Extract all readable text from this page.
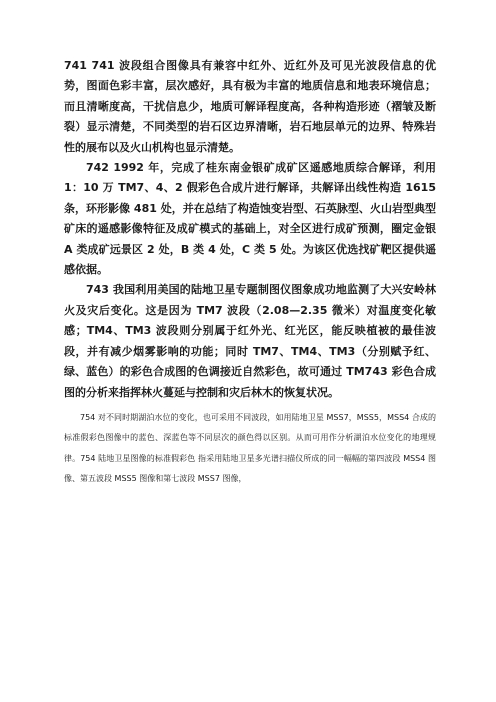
741 741 波段组合图像具有兼容中红外、近红外及可见光波段信息的优势，图面色彩丰富，层次感好，具有极为丰富的地质信息和地表环境信息；而且清晰度高，干扰信息少，地质可解译程度高，各种构造形迹（褶皱及断裂）显示清楚，不同类型的岩石区边界清晰，岩石地层单元的边界、特殊岩性的展布以及火山机构也显示清楚。

742 1992 年，完成了桂东南金银矿成矿区遥感地质综合解译，利用 1：10 万 TM7、4、2 假彩色合成片进行解译，共解译出线性构造 1615 条，环形影像 481 处，并在总结了构造蚀变岩型、石英脉型、火山岩型典型矿床的遥感影像特征及成矿模式的基础上，对全区进行成矿预测，圈定金银 A 类成矿远景区 2 处，B 类 4 处，C 类 5 处。为该区优选找矿靶区提供遥感依据。

743 我国利用美国的陆地卫星专题制图仪图象成功地监测了大兴安岭林火及灾后变化。这是因为 TM7 波段（2.08—2.35 微米）对温度变化敏感；TM4、TM3 波段则分别属于红外光、红光区，能反映植被的最佳波段，并有减少烟雾影响的功能；同时 TM7、TM4、TM3（分别赋予红、绿、蓝色）的彩色合成图的色调接近自然彩色，故可通过 TM743 彩色合成图的分析来指挥林火蔓延与控制和灾后林木的恢复状况。

754 对不同时期湖泊水位的变化，也可采用不同波段，如用陆地卫星 MSS7，MSS5，MSS4 合成的标准假彩色图像中的蓝色、深蓝色等不同层次的颜色得以区别。从而可用作分析湖泊水位变化的地理规律。754 陆地卫星图像的标准假彩色 指采用陆地卫星多光谱扫描仪所成的同一幅幅的第四波段 MSS4 图像、第五波段 MSS5 图像和第七波段 MSS7 图像，
